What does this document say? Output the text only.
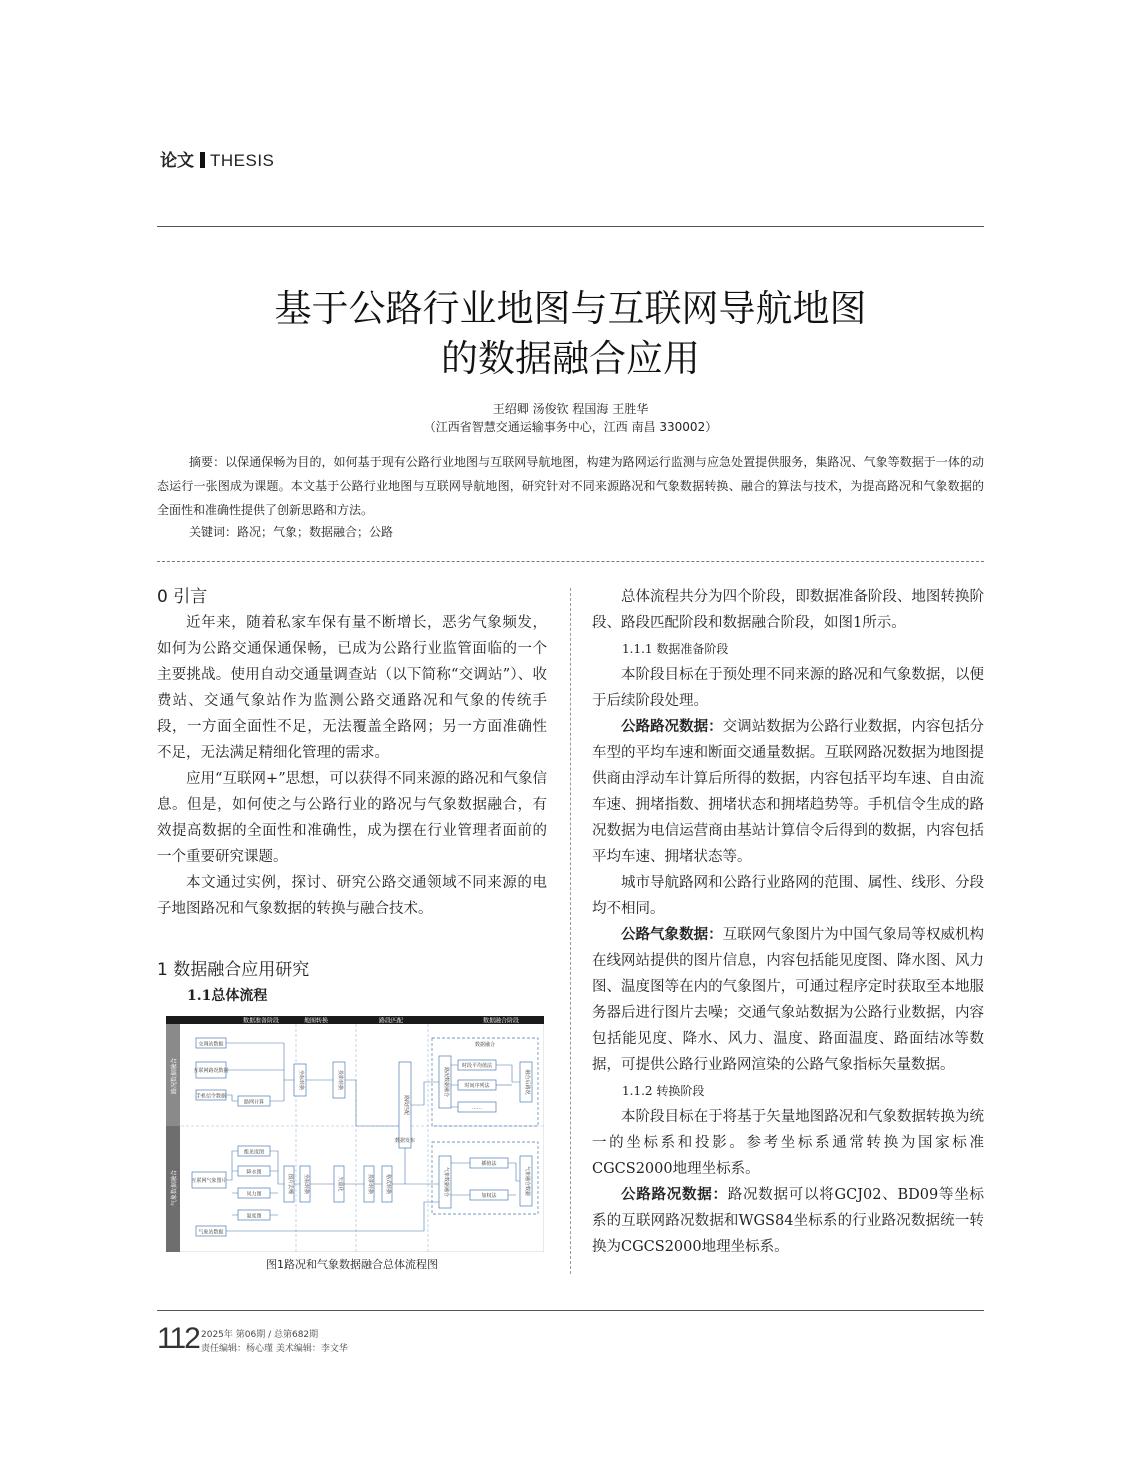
论文 THESIS
基于公路行业地图与互联网导航地图
的数据融合应用
王绍卿 汤俊钦 程国海 王胜华
（江西省智慧交通运输事务中心，江西 南昌 330002）
摘要：以保通保畅为目的，如何基于现有公路行业地图与互联网导航地图，构建为路网运行监测与应急处置提供服务，集路况、气象等数据于一体的动态运行一张图成为课题。本文基于公路行业地图与互联网导航地图，研究针对不同来源路况和气象数据转换、融合的算法与技术，为提高路况和气象数据的全面性和准确性提供了创新思路和方法。
关键词：路况；气象；数据融合；公路
0 引言

近年来，随着私家车保有量不断增长，恶劣气象频发，如何为公路交通保通保畅，已成为公路行业监管面临的一个主要挑战。使用自动交通量调查站（以下简称“交调站”）、收费站、交通气象站作为监测公路交通路况和气象的传统手段，一方面全面性不足，无法覆盖全路网；另一方面准确性不足，无法满足精细化管理的需求。

应用“互联网+”思想，可以获得不同来源的路况和气象信息。但是，如何使之与公路行业的路况与气象数据融合，有效提高数据的全面性和准确性，成为摆在行业管理者面前的一个重要研究课题。

本文通过实例，探讨、研究公路交通领域不同来源的电子地图路况和气象数据的转换与融合技术。

1 数据融合应用研究
1.1总体流程
数据准备阶段	地图转换	路段匹配	数据融合阶段
路况数据融合
气象数据融合
交调站数据
互联网路况数据
手机信令数据
路网计算
坐标转换	投影转换
路段匹配
数据融合
路况数据融合
时段平均值法
时间序列法
……
融合后路况
能见度图
降水图
风力图
温度图
互联网气象图片	图片去噪 坐标转换	矢量化	投影转换 格式转换
数据发布
气象数据融合
插值法
加权法	气象融合数据
气象站数据
图1路况和气象数据融合总体流程图

总体流程共分为四个阶段，即数据准备阶段、地图转换阶段、路段匹配阶段和数据融合阶段，如图1所示。

1.1.1 数据准备阶段

本阶段目标在于预处理不同来源的路况和气象数据，以便于后续阶段处理。

公路路况数据：交调站数据为公路行业数据，内容包括分车型的平均车速和断面交通量数据。互联网路况数据为地图提供商由浮动车计算后所得的数据，内容包括平均车速、自由流车速、拥堵指数、拥堵状态和拥堵趋势等。手机信令生成的路况数据为电信运营商由基站计算信令后得到的数据，内容包括平均车速、拥堵状态等。

城市导航路网和公路行业路网的范围、属性、线形、分段均不相同。

公路气象数据：互联网气象图片为中国气象局等权威机构在线网站提供的图片信息，内容包括能见度图、降水图、风力图、温度图等在内的气象图片，可通过程序定时获取至本地服务器后进行图片去噪；交通气象站数据为公路行业数据，内容包括能见度、降水、风力、温度、路面温度、路面结冰等数据，可提供公路行业路网渲染的公路气象指标矢量数据。

1.1.2 转换阶段

本阶段目标在于将基于矢量地图路况和气象数据转换为统一的坐标系和投影。参考坐标系通常转换为国家标准CGCS2000地理坐标系。

公路路况数据：路况数据可以将GCJ02、BD09等坐标系的互联网路况数据和WGS84坐标系的行业路况数据统一转换为CGCS2000地理坐标系。

112 2025年 第06期 / 总第682期
责任编辑：杨心瑾 美术编辑：李文华
